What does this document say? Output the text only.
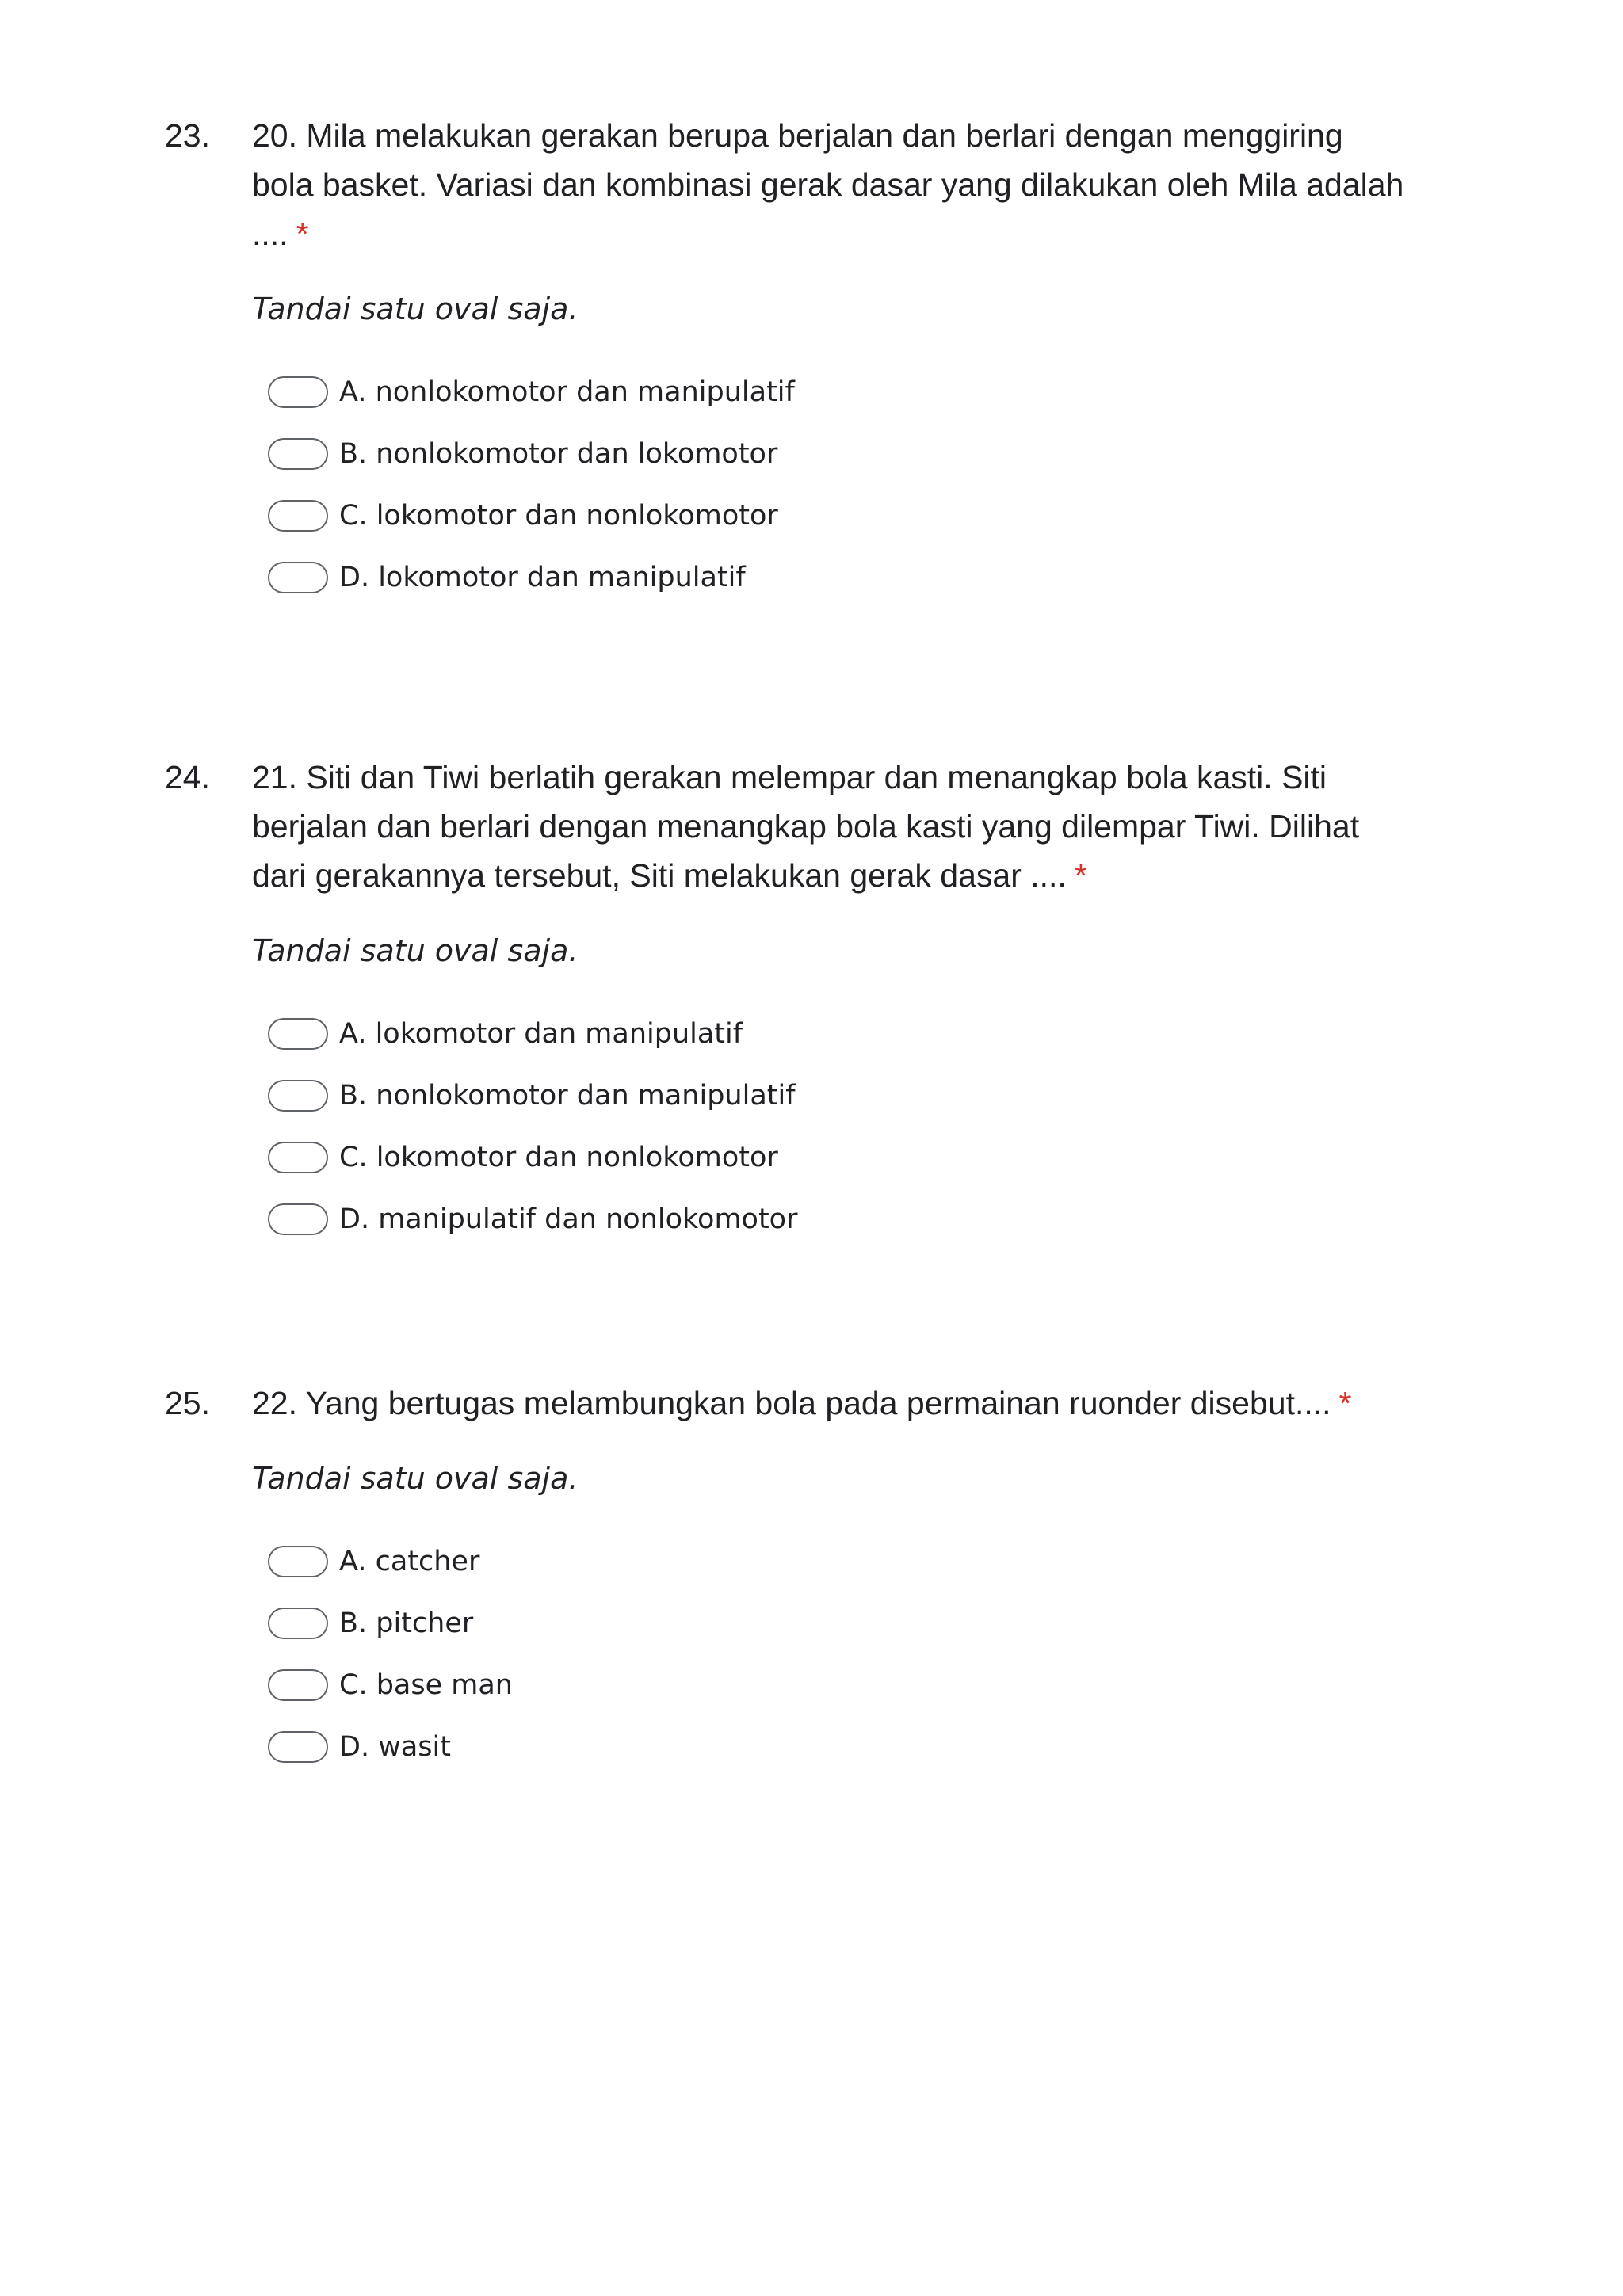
23. 20. Mila melakukan gerakan berupa berjalan dan berlari dengan menggiring bola basket. Variasi dan kombinasi gerak dasar yang dilakukan oleh Mila adalah .... *

Tandai satu oval saja.

A. nonlokomotor dan manipulatif
B. nonlokomotor dan lokomotor
C. lokomotor dan nonlokomotor
D. lokomotor dan manipulatif
24. 21. Siti dan Tiwi berlatih gerakan melempar dan menangkap bola kasti. Siti berjalan dan berlari dengan menangkap bola kasti yang dilempar Tiwi. Dilihat dari gerakannya tersebut, Siti melakukan gerak dasar .... *

Tandai satu oval saja.

A. lokomotor dan manipulatif
B. nonlokomotor dan manipulatif
C. lokomotor dan nonlokomotor
D. manipulatif dan nonlokomotor
25. 22. Yang bertugas melambungkan bola pada permainan ruonder disebut.... *

Tandai satu oval saja.

A. catcher
B. pitcher
C. base man
D. wasit
